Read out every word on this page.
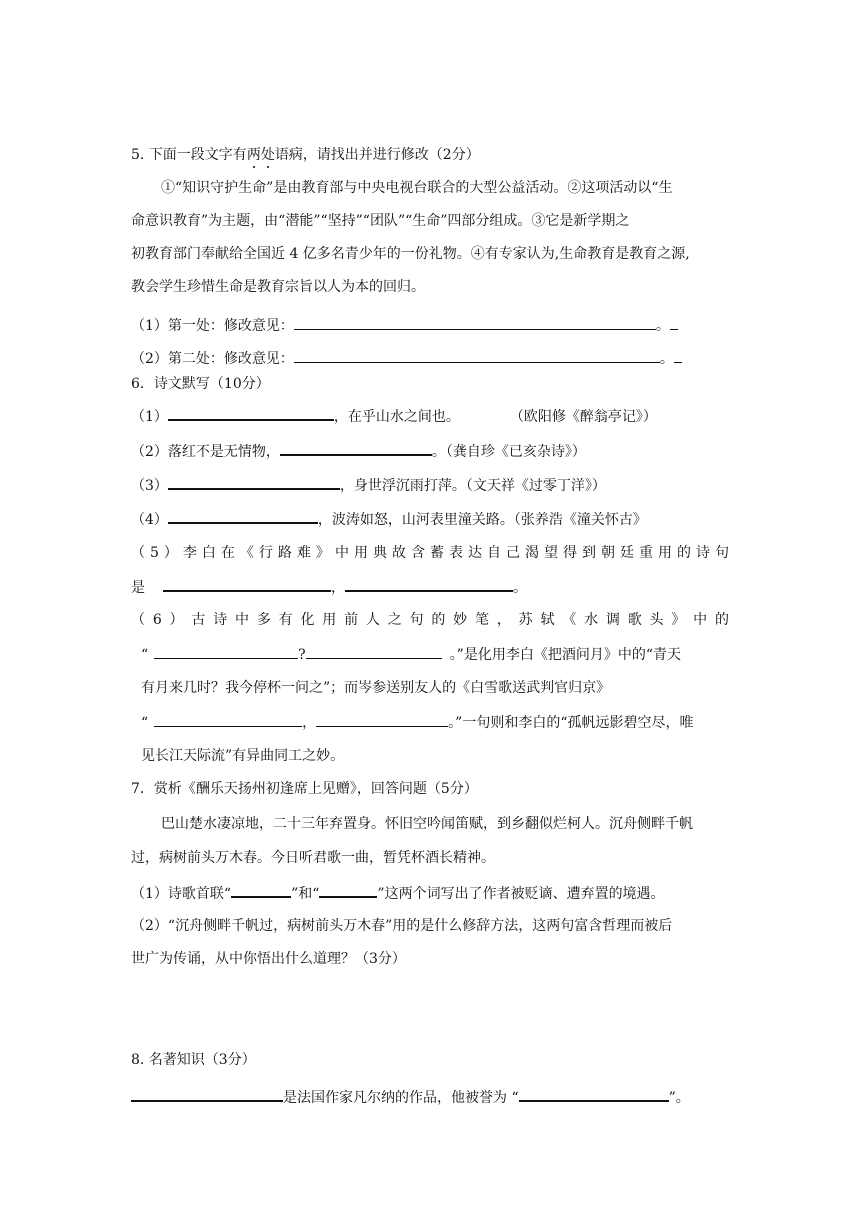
5. 下面一段文字有两处语病，请找出并进行修改（2分）
①“知识守护生命”是由教育部与中央电视台联合的大型公益活动。②这项活动以“生
命意识教育”为主题，由“潜能”“坚持”“团队”“生命”四部分组成。③它是新学期之
初教育部门奉献给全国近 4 亿多名青少年的一份礼物。④有专家认为,生命教育是教育之源,
教会学生珍惜生命是教育宗旨以人为本的回归。
（1）第一处：修改意见：	。
（2）第二处：修改意见：	。
6．诗文默写（10分）
（1）	，在乎山水之间也。	（欧阳修《醉翁亭记》）
（2）落红不是无情物，	。（龚自珍《已亥杂诗》）
（3）	，身世浮沉雨打萍。（文天祥《过零丁洋》）
（4）	，波涛如怒，山河表里潼关路。（张养浩《潼关怀古》
（5）李白在《行路难》中用典故含蓄表达自己渴望得到朝廷重用的诗句
是	，	。
（6）古诗中多有化用前人之句的妙笔，苏轼《水调歌头》中的
“	?	。”是化用李白《把酒问月》中的“青天
有月来几时？我今停杯一问之”；而岑参送别友人的《白雪歌送武判官归京》
“	，	。”一句则和李白的“孤帆远影碧空尽，唯
见长江天际流”有异曲同工之妙。
7．赏析《酬乐天扬州初逢席上见赠》，回答问题（5分）
巴山楚水凄凉地，二十三年弃置身。怀旧空吟闻笛赋，到乡翻似烂柯人。沉舟侧畔千帆
过，病树前头万木春。今日听君歌一曲，暂凭杯酒长精神。
（1）诗歌首联“	”和“	”这两个词写出了作者被贬谪、遭弃置的境遇。
（2）“沉舟侧畔千帆过，病树前头万木春”用的是什么修辞方法，这两句富含哲理而被后
世广为传诵，从中你悟出什么道理？（3分）
8. 名著知识（3分）
是法国作家凡尔纳的作品，他被誉为 “	”。
